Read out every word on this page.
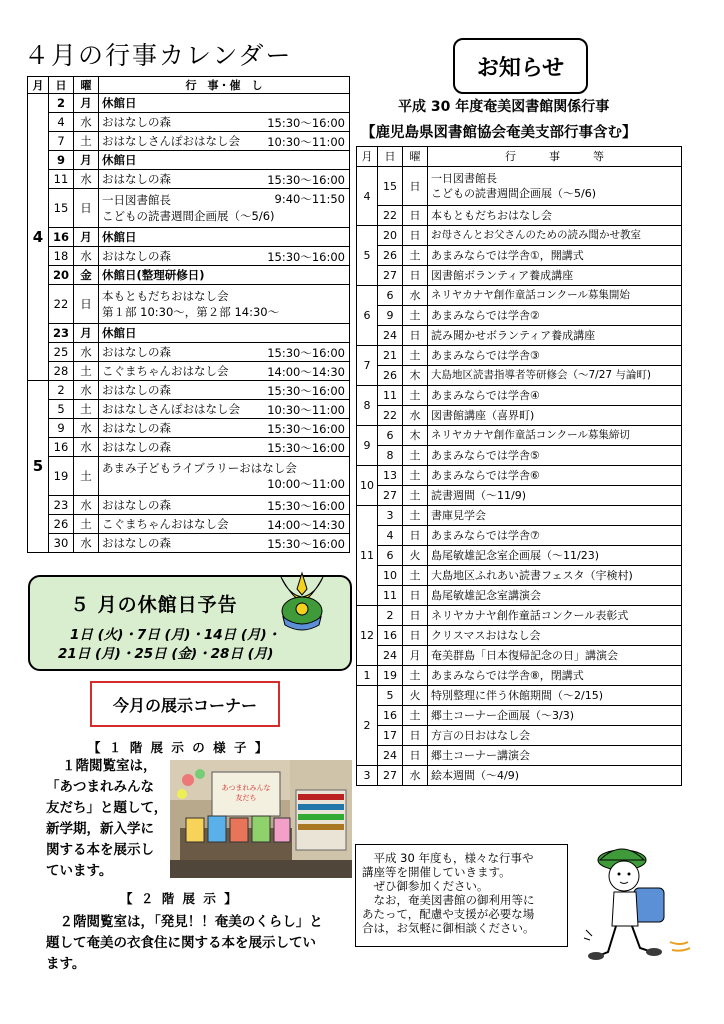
４月の行事カレンダー
月	日	曜	行　事・催　し
4	2	月	休館日
	4	水	おはなしの森 15:30～16:00

	7	土	おはなしさんぽおはなし会 10:30～11:00

	9	月	休館日
	11	水	おはなしの森 15:30～16:00

	15	日	一日図書館長 9:40～11:50

こどもの読書週間企画展（～5/6)
	16	月	休館日
	18	水	おはなしの森 15:30～16:00

	20	金	休館日(整理研修日)
	22	日	本もともだちおはなし会
第１部 10:30～，第２部 14:30～
	23	月	休館日
	25	水	おはなしの森 15:30～16:00

	28	土	こぐまちゃんおはなし会 14:00～14:30

5	2	水	おはなしの森 15:30～16:00

	5	土	おはなしさんぽおはなし会 10:30～11:00

	9	水	おはなしの森 15:30～16:00

	16	水	おはなしの森 15:30～16:00

	19	土	あまみ子どもライブラリーおはなし会

10:00～11:00

	23	水	おはなしの森 15:30～16:00

	26	土	こぐまちゃんおはなし会 14:00～14:30

	30	水	おはなしの森 15:30～16:00
お知らせ
平成 30 年度奄美図書館関係行事
【鹿児島県図書館協会奄美支部行事含む】
月	日	曜	行　　　事　　　等
4	15	日	一日図書館長
こどもの読書週間企画展（～5/6)
	22	日	本もともだちおはなし会
5	20	日	お母さんとお父さんのための読み聞かせ教室
	26	土	あまみならでは学舎①，開講式
	27	日	図書館ボランティア養成講座
6	6	水	ネリヤカナヤ創作童話コンクール募集開始
	9	土	あまみならでは学舎②
	24	日	読み聞かせボランティア養成講座
7	21	土	あまみならでは学舎③
	26	木	大島地区読書指導者等研修会（～7/27 与論町)
8	11	土	あまみならでは学舎④
	22	水	図書館講座（喜界町)
9	6	木	ネリヤカナヤ創作童話コンクール募集締切
	8	土	あまみならでは学舎⑤
10	13	土	あまみならでは学舎⑥
	27	土	読書週間（～11/9)
11	3	土	書庫見学会
	4	日	あまみならでは学舎⑦
	6	火	島尾敏雄記念室企画展（～11/23)
	10	土	大島地区ふれあい読書フェスタ（宇検村)
	11	日	島尾敏雄記念室講演会
12	2	日	ネリヤカナヤ創作童話コンクール表彰式
	16	日	クリスマスおはなし会
	24	月	奄美群島「日本復帰記念の日」講演会
1	19	土	あまみならでは学舎⑧，閉講式
2	5	火	特別整理に伴う休館期間（～2/15)
	16	土	郷土コーナー企画展（～3/3)
	17	日	方言の日おはなし会
	24	日	郷土コーナー講演会
3	27	水	絵本週間（～4/9)
５ 月の休館日予告
1日 (火)・7日 (月)・14日 (月)・
21日 (月)・25日 (金)・28日 (月)
今月の展示コーナー
【 １ 階 展 示 の 様 子 】
１階閲覧室は，
「あつまれみんな
友だち」と題して，
新学期，新入学に
関する本を展示し
ています。
あつまれみんな
友だち
【 ２ 階 展 示 】
　２階閲覧室は，「発見！！奄美のくらし」と
題して奄美の衣食住に関する本を展示してい
ます。
　平成 30 年度も，様々な行事や
講座等を開催していきます。
　ぜひ御参加ください。
　なお，奄美図書館の御利用等に
あたって，配慮や支援が必要な場
合は，お気軽に御相談ください。
